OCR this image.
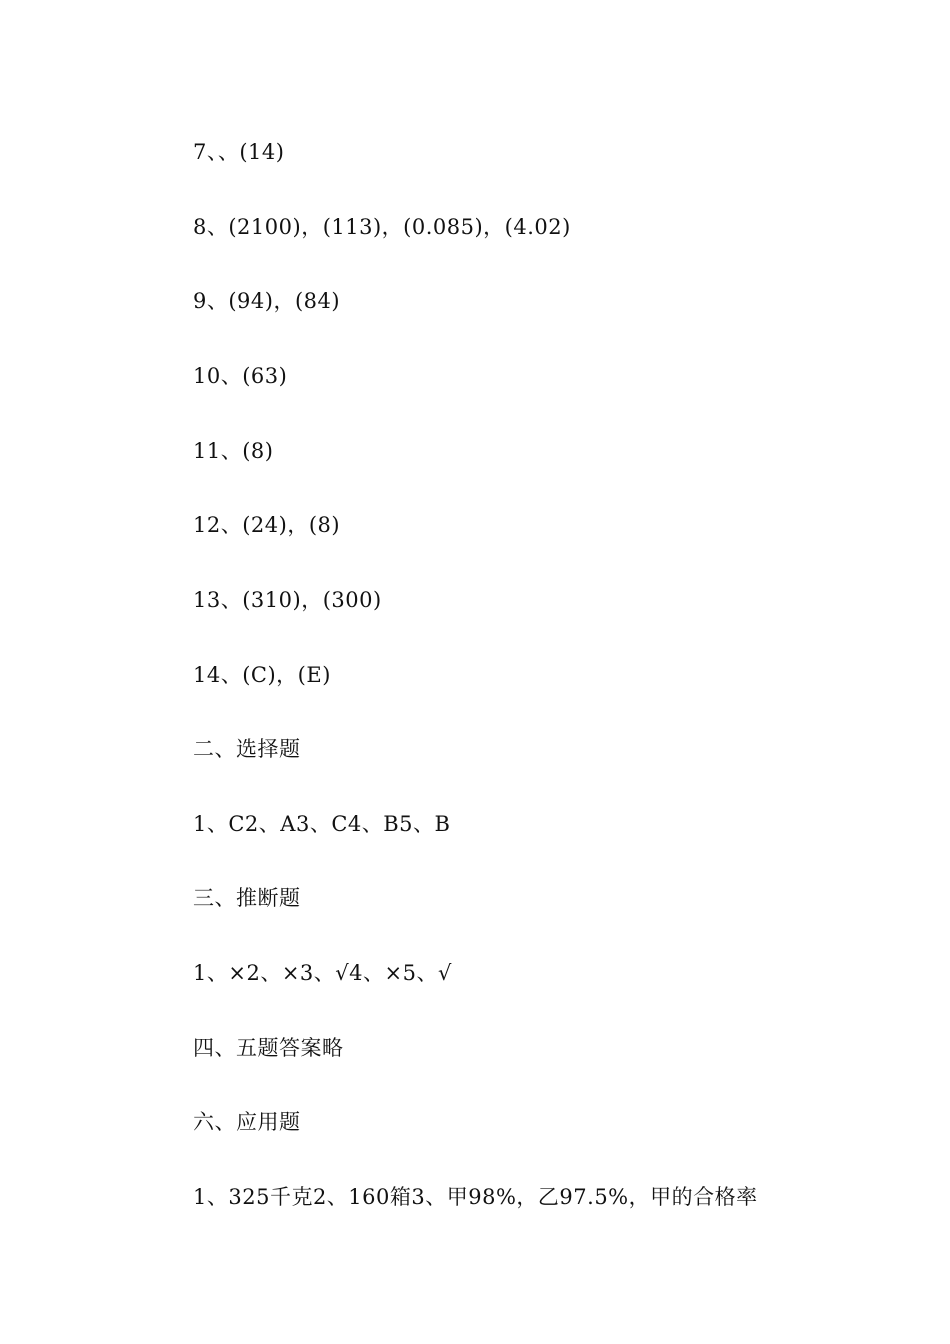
7、、(14)
8、(2100)，(113)，(0.085)，(4.02)
9、(94)，(84)
10、(63)
11、(8)
12、(24)，(8)
13、(310)，(300)
14、(C)，(E)
二、选择题
1、C2、A3、C4、B5、B
三、推断题
1、×2、×3、√4、×5、√
四、五题答案略
六、应用题
1、325千克2、160箱3、甲98%，乙97.5%，甲的合格率
